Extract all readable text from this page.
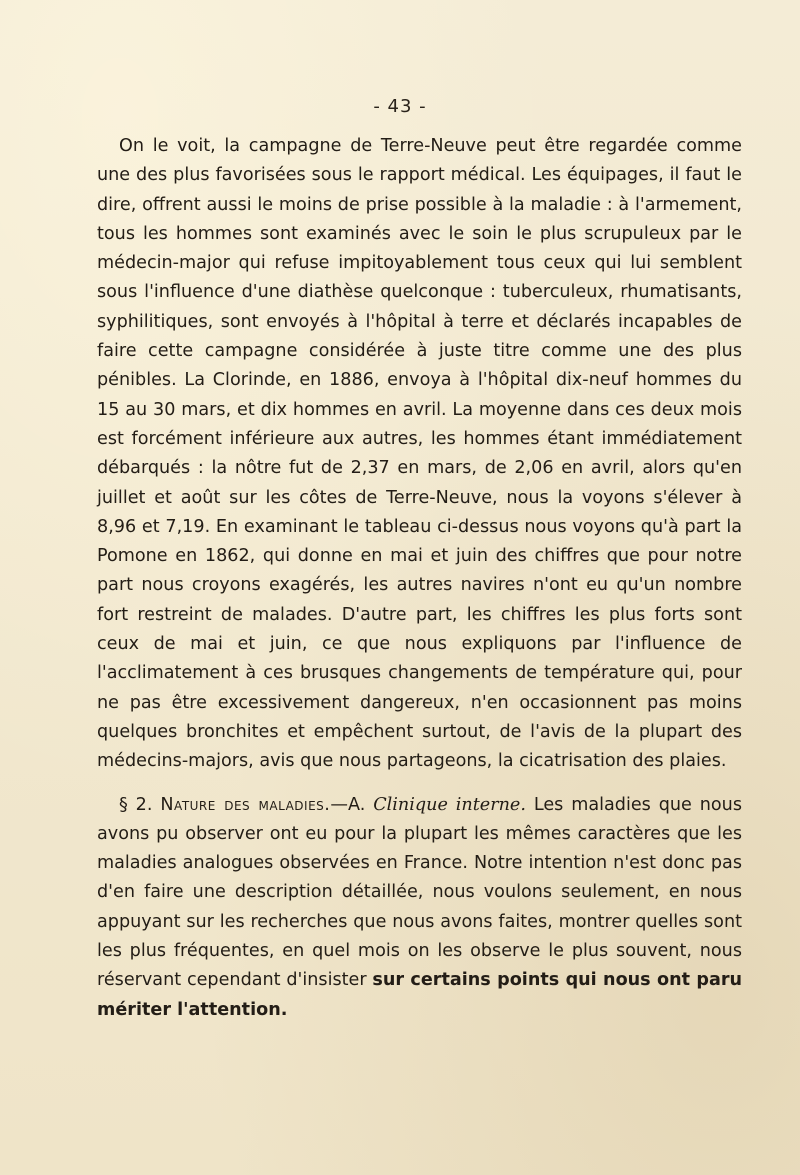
- 43 -

On le voit, la campagne de Terre-Neuve peut être regardée comme une des plus favorisées sous le rapport médical. Les équipages, il faut le dire, offrent aussi le moins de prise possible à la maladie : à l'armement, tous les hommes sont examinés avec le soin le plus scrupuleux par le médecin-major qui refuse impitoyablement tous ceux qui lui semblent sous l'influence d'une diathèse quelconque : tuberculeux, rhumatisants, syphilitiques, sont envoyés à l'hôpital à terre et déclarés incapables de faire cette campagne considérée à juste titre comme une des plus pénibles. La Clorinde, en 1886, envoya à l'hôpital dix-neuf hommes du 15 au 30 mars, et dix hommes en avril. La moyenne dans ces deux mois est forcément inférieure aux autres, les hommes étant immédiatement débarqués : la nôtre fut de 2,37 en mars, de 2,06 en avril, alors qu'en juillet et août sur les côtes de Terre-Neuve, nous la voyons s'élever à 8,96 et 7,19. En examinant le tableau ci-dessus nous voyons qu'à part la Pomone en 1862, qui donne en mai et juin des chiffres que pour notre part nous croyons exagérés, les autres navires n'ont eu qu'un nombre fort restreint de malades. D'autre part, les chiffres les plus forts sont ceux de mai et juin, ce que nous expliquons par l'influence de l'acclimatement à ces brusques changements de température qui, pour ne pas être excessivement dangereux, n'en occasionnent pas moins quelques bronchites et empêchent surtout, de l'avis de la plupart des médecins-majors, avis que nous partageons, la cicatrisation des plaies.

§ 2. Nature des maladies.—A. Clinique interne. Les maladies que nous avons pu observer ont eu pour la plupart les mêmes caractères que les maladies analogues observées en France. Notre intention n'est donc pas d'en faire une description détaillée, nous voulons seulement, en nous appuyant sur les recherches que nous avons faites, montrer quelles sont les plus fréquentes, en quel mois on les observe le plus souvent, nous réservant cependant d'insister sur certains points qui nous ont paru mériter l'attention.
